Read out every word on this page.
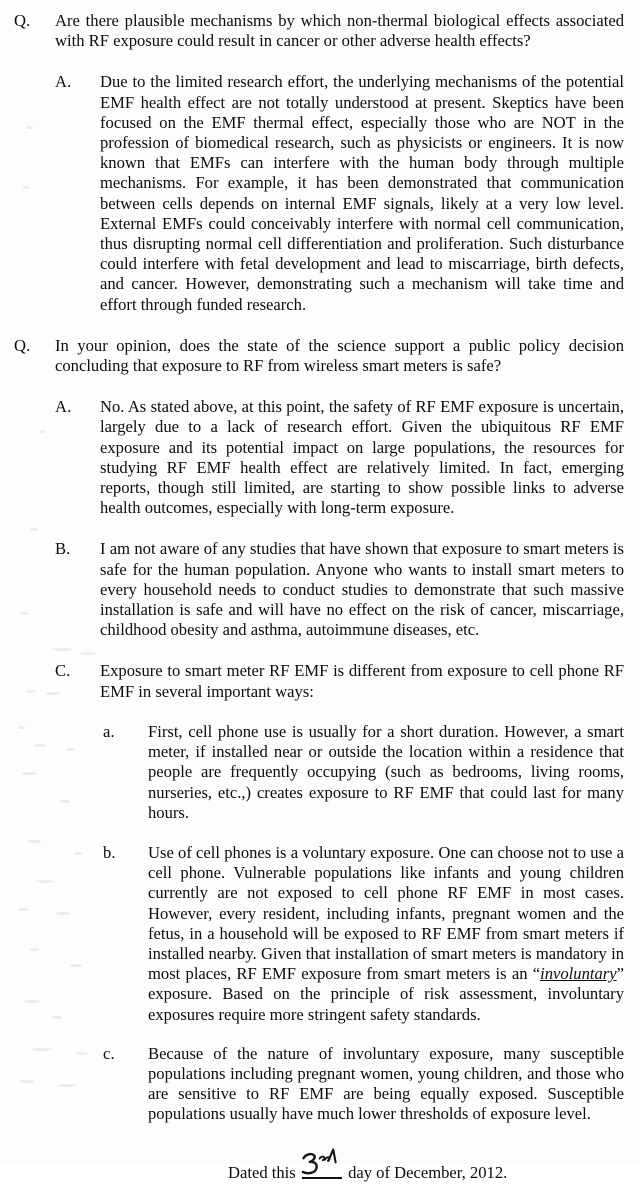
Q.	Are there plausible mechanisms by which non-thermal biological effects associated with RF exposure could result in cancer or other adverse health effects?
A.	Due to the limited research effort, the underlying mechanisms of the potential EMF health effect are not totally understood at present. Skeptics have been focused on the EMF thermal effect, especially those who are NOT in the profession of biomedical research, such as physicists or engineers. It is now known that EMFs can interfere with the human body through multiple mechanisms. For example, it has been demonstrated that communication between cells depends on internal EMF signals, likely at a very low level. External EMFs could conceivably interfere with normal cell communication, thus disrupting normal cell differentiation and proliferation. Such disturbance could interfere with fetal development and lead to miscarriage, birth defects, and cancer. However, demonstrating such a mechanism will take time and effort through funded research.
Q.	In your opinion, does the state of the science support a public policy decision concluding that exposure to RF from wireless smart meters is safe?
A.	No. As stated above, at this point, the safety of RF EMF exposure is uncertain, largely due to a lack of research effort. Given the ubiquitous RF EMF exposure and its potential impact on large populations, the resources for studying RF EMF health effect are relatively limited. In fact, emerging reports, though still limited, are starting to show possible links to adverse health outcomes, especially with long-term exposure.
B.	I am not aware of any studies that have shown that exposure to smart meters is safe for the human population. Anyone who wants to install smart meters to every household needs to conduct studies to demonstrate that such massive installation is safe and will have no effect on the risk of cancer, miscarriage, childhood obesity and asthma, autoimmune diseases, etc.
C.	Exposure to smart meter RF EMF is different from exposure to cell phone RF EMF in several important ways:
a.	First, cell phone use is usually for a short duration. However, a smart meter, if installed near or outside the location within a residence that people are frequently occupying (such as bedrooms, living rooms, nurseries, etc.,) creates exposure to RF EMF that could last for many hours.
b.	Use of cell phones is a voluntary exposure. One can choose not to use a cell phone. Vulnerable populations like infants and young children currently are not exposed to cell phone RF EMF in most cases. However, every resident, including infants, pregnant women and the fetus, in a household will be exposed to RF EMF from smart meters if installed nearby. Given that installation of smart meters is mandatory in most places, RF EMF exposure from smart meters is an “involuntary” exposure. Based on the principle of risk assessment, involuntary exposures require more stringent safety standards.
c.	Because of the nature of involuntary exposure, many susceptible populations including pregnant women, young children, and those who are sensitive to RF EMF are being equally exposed. Susceptible populations usually have much lower thresholds of exposure level.
Dated this	day of December, 2012.
